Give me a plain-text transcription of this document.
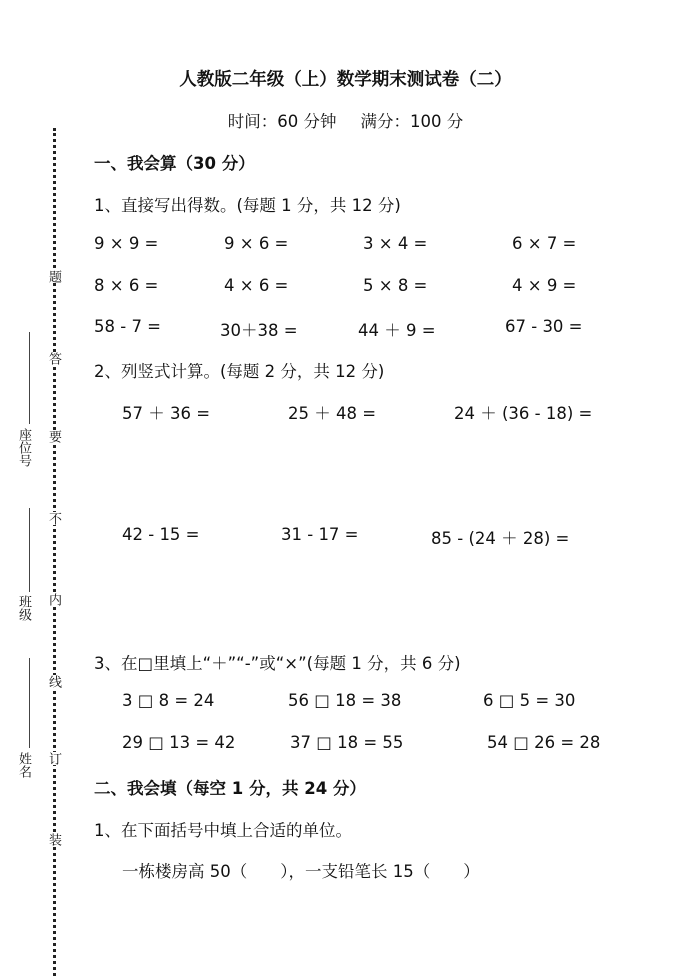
题
答
要
不
内
线
订
装
座位号
班级
姓名
人教版二年级（上）数学期末测试卷（二）
时间：60 分钟 满分：100 分
一、我会算（30 分）
1、直接写出得数。(每题 1 分，共 12 分)
9 × 9 =	9 × 6 =	3 × 4 =	6 × 7 =
8 × 6 =	4 × 6 =	5 × 8 =	4 × 9 =
58 - 7 =	30＋38 =	44 ＋ 9 =	67 - 30 =
2、列竖式计算。(每题 2 分，共 12 分)
57 ＋ 36 =	25 ＋ 48 =	24 ＋ (36 - 18) =
42 - 15 =	31 - 17 =	85 - (24 ＋ 28) =
3、在□里填上“＋”“-”或“×”(每题 1 分，共 6 分)
3 □ 8 = 24	56 □ 18 = 38	6 □ 5 = 30
29 □ 13 = 42	37 □ 18 = 55	54 □ 26 = 28
二、我会填（每空 1 分，共 24 分）
1、在下面括号中填上合适的单位。
一栋楼房高 50（　　），一支铅笔长 15（　　）
